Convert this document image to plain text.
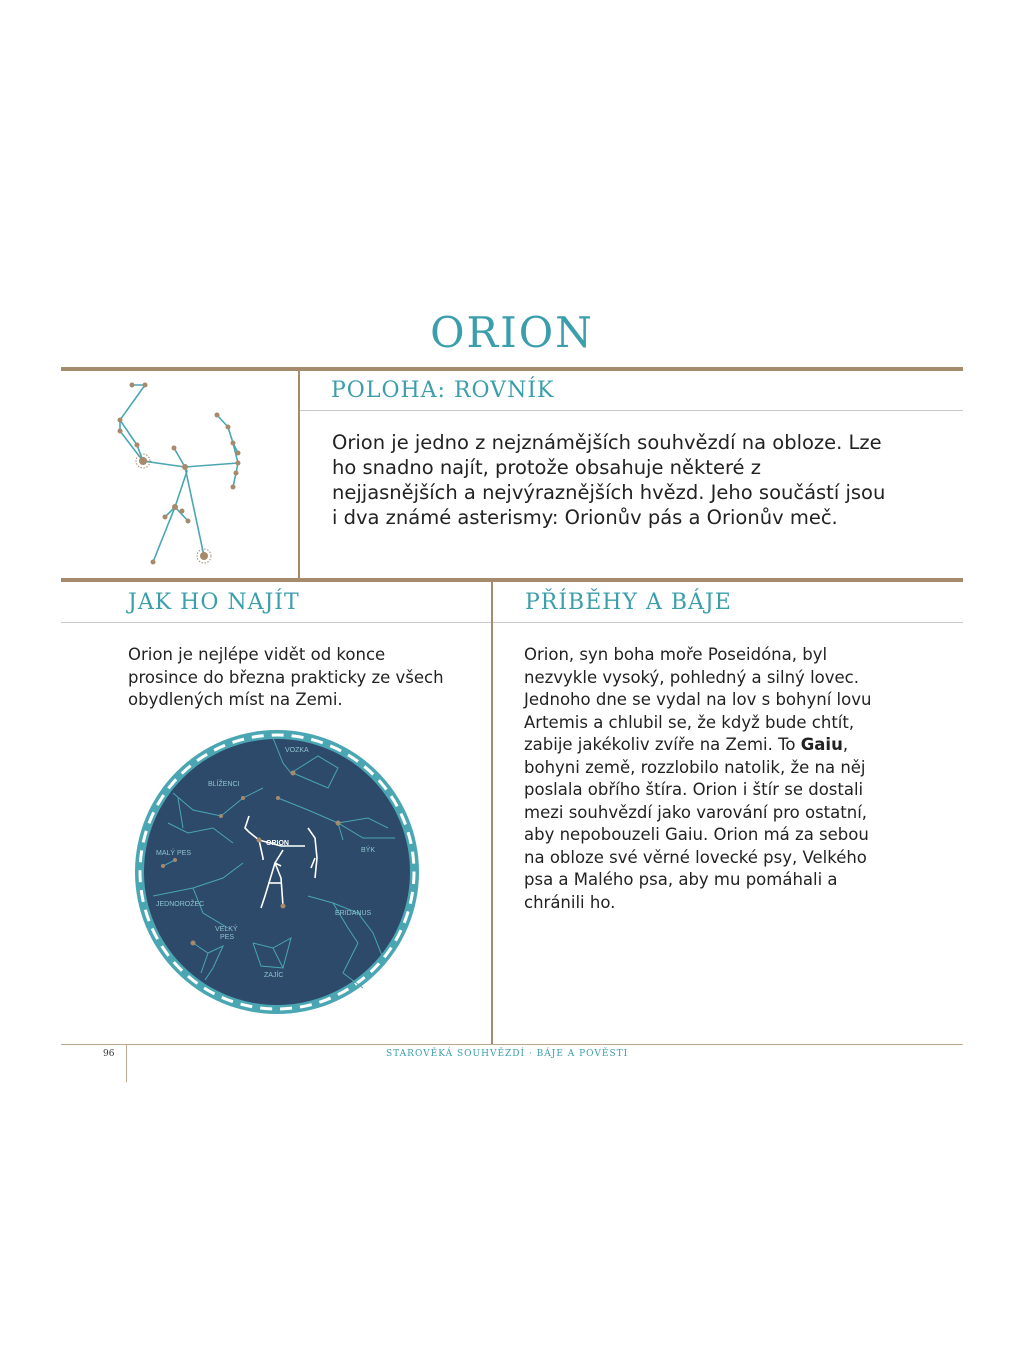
ORION
POLOHA: ROVNÍK
Orion je jedno z nejznámějších souhvězdí na obloze. Lze ho snadno najít, protože obsahuje některé z nejjasnějších a nejvýraznějších hvězd. Jeho součástí jsou i dva známé asterismy: Orionův pás a Orionův meč.
JAK HO NAJÍT	PŘÍBĚHY A BÁJE
Orion je nejlépe vidět od konce prosince do března prakticky ze všech obydlených míst na Zemi.
Orion, syn boha moře Poseidóna, byl nezvykle vysoký, pohledný a silný lovec. Jednoho dne se vydal na lov s bohyní lovu Artemis a chlubil se, že když bude chtít, zabije jakékoliv zvíře na Zemi. To Gaiu, bohyni země, rozzlobilo natolik, že na něj poslala obřího štíra. Orion i štír se dostali mezi souhvězdí jako varování pro ostatní, aby nepobouzeli Gaiu. Orion má za sebou na obloze své věrné lovecké psy, Velkého psa a Malého psa, aby mu pomáhali a chránili ho.
VOZKA
BLÍŽENCI
ORION
BÝK
MALÝ PES
JEDNOROŽEC
ERIDANUS
VELKÝ
PES
ZAJÍC
96	STAROVĚKÁ SOUHVĚZDÍ · BÁJE A POVĚSTI
